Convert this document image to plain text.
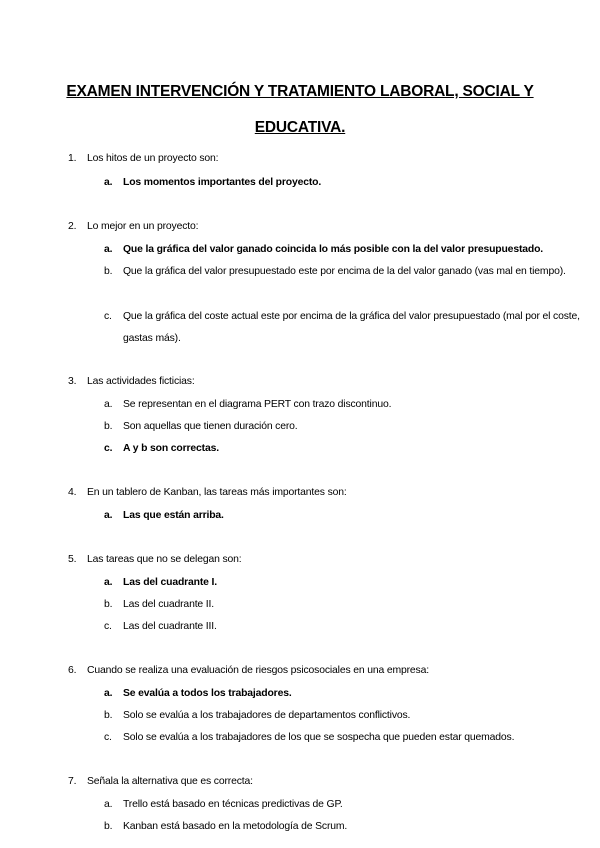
EXAMEN INTERVENCIÓN Y TRATAMIENTO LABORAL, SOCIAL Y
EDUCATIVA.
1. Los hitos de un proyecto son:
a. Los momentos importantes del proyecto.
2. Lo mejor en un proyecto:
a. Que la gráfica del valor ganado coincida lo más posible con la del valor presupuestado.
b. Que la gráfica del valor presupuestado este por encima de la del valor ganado (vas mal en tiempo).
c. Que la gráfica del coste actual este por encima de la gráfica del valor presupuestado (mal por el coste, gastas más).
3. Las actividades ficticias:
a. Se representan en el diagrama PERT con trazo discontinuo.
b. Son aquellas que tienen duración cero.
c. A y b son correctas.
4. En un tablero de Kanban, las tareas más importantes son:
a. Las que están arriba.
5. Las tareas que no se delegan son:
a. Las del cuadrante I.
b. Las del cuadrante II.
c. Las del cuadrante III.
6. Cuando se realiza una evaluación de riesgos psicosociales en una empresa:
a. Se evalúa a todos los trabajadores.
b. Solo se evalúa a los trabajadores de departamentos conflictivos.
c. Solo se evalúa a los trabajadores de los que se sospecha que pueden estar quemados.
7. Señala la alternativa que es correcta:
a. Trello está basado en técnicas predictivas de GP.
b. Kanban está basado en la metodología de Scrum.
